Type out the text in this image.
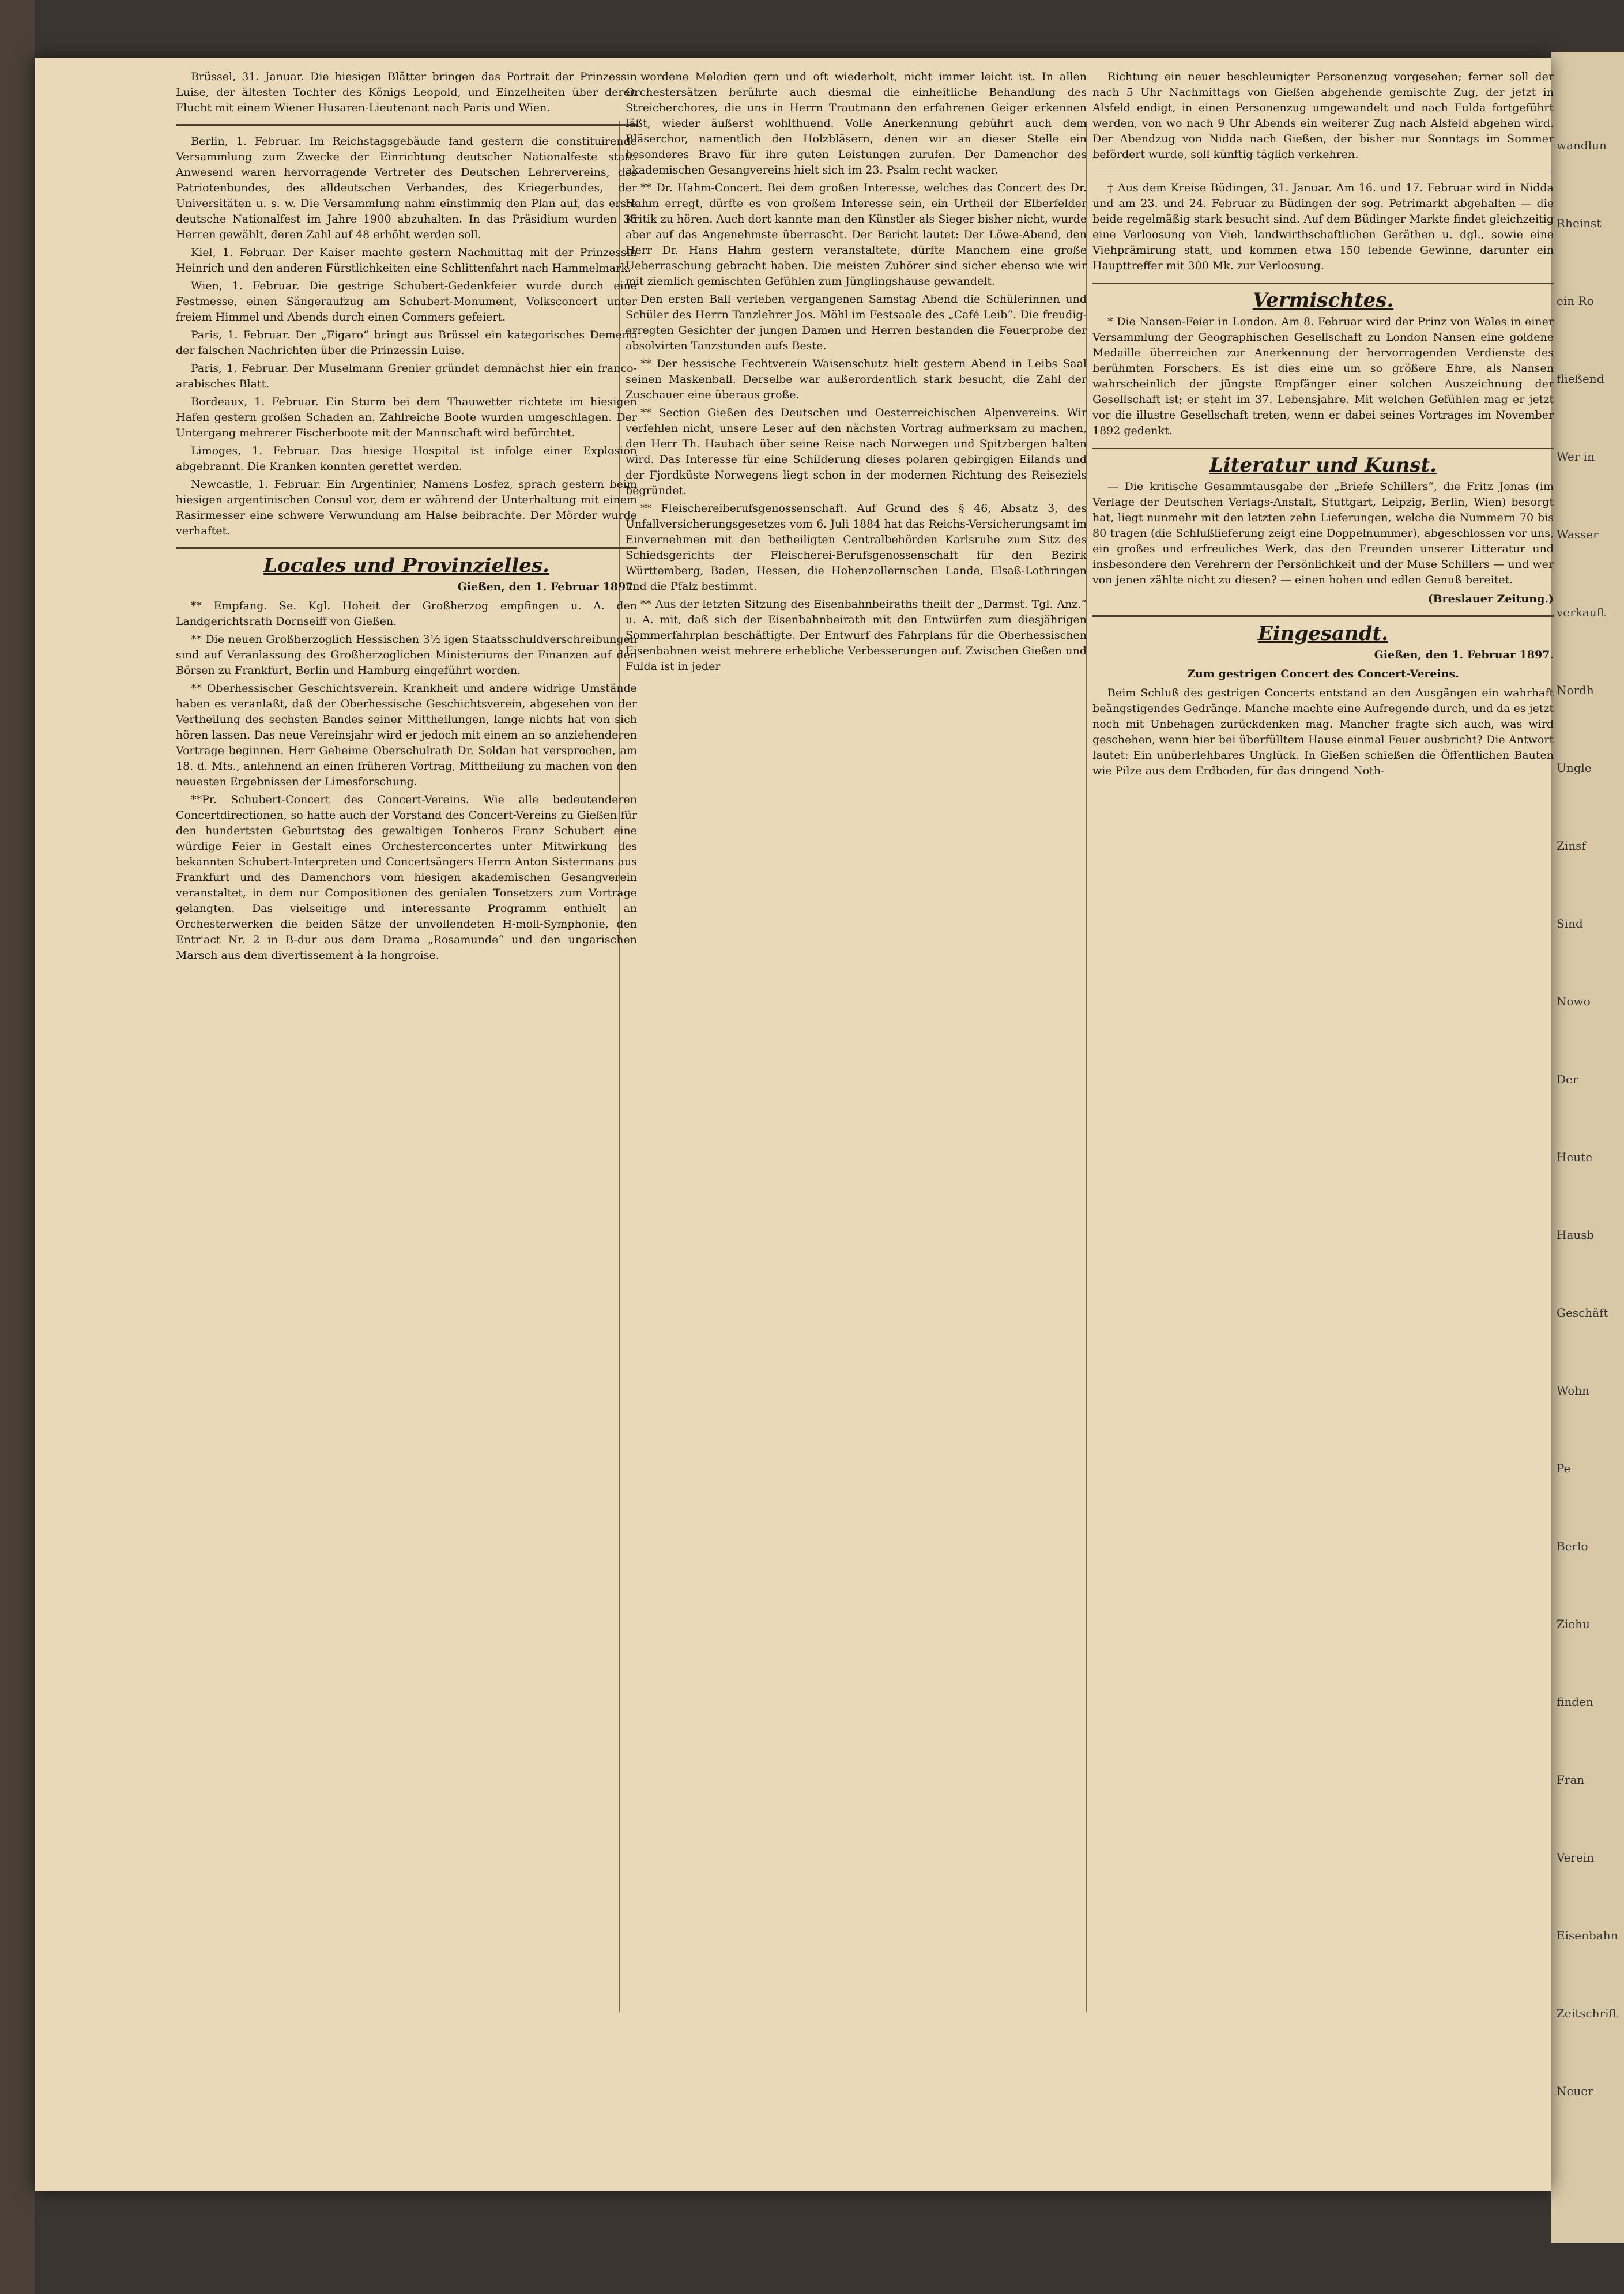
wandlun
Rheinst
ein Ro
fließend
Wer in
Wasser
verkauft
Nordh
Ungle
Zinsf
Sind
Nowo
Der
Heute
Hausb
Geschäft
Wohn
Pe
Berlo
Ziehu
finden
Fran
Verein
Eisenbahn
Zeitschrift
Neuer

Brüssel, 31. Januar. Die hiesigen Blätter bringen das Portrait der Prinzessin Luise, der ältesten Tochter des Königs Leopold, und Einzelheiten über deren Flucht mit einem Wiener Husaren-Lieutenant nach Paris und Wien.

Berlin, 1. Februar. Im Reichstagsgebäude fand gestern die constituirende Versammlung zum Zwecke der Einrichtung deutscher Nationalfeste statt. Anwesend waren hervorragende Vertreter des Deutschen Lehrervereins, des Patriotenbundes, des alldeutschen Verbandes, des Kriegerbundes, der Universitäten u. s. w. Die Versammlung nahm einstimmig den Plan auf, das erste deutsche Nationalfest im Jahre 1900 abzuhalten. In das Präsidium wurden 36 Herren gewählt, deren Zahl auf 48 erhöht werden soll.

Kiel, 1. Februar. Der Kaiser machte gestern Nachmittag mit der Prinzessin Heinrich und den anderen Fürstlichkeiten eine Schlittenfahrt nach Hammelmark.

Wien, 1. Februar. Die gestrige Schubert-Gedenkfeier wurde durch eine Festmesse, einen Sängeraufzug am Schubert-Monument, Volksconcert unter freiem Himmel und Abends durch einen Commers gefeiert.

Paris, 1. Februar. Der „Figaro“ bringt aus Brüssel ein kategorisches Dementi der falschen Nachrichten über die Prinzessin Luise.

Paris, 1. Februar. Der Muselmann Grenier gründet demnächst hier ein franco-arabisches Blatt.

Bordeaux, 1. Februar. Ein Sturm bei dem Thauwetter richtete im hiesigen Hafen gestern großen Schaden an. Zahlreiche Boote wurden umgeschlagen. Der Untergang mehrerer Fischerboote mit der Mannschaft wird befürchtet.

Limoges, 1. Februar. Das hiesige Hospital ist infolge einer Explosion abgebrannt. Die Kranken konnten gerettet werden.

Newcastle, 1. Februar. Ein Argentinier, Namens Losfez, sprach gestern beim hiesigen argentinischen Consul vor, dem er während der Unterhaltung mit einem Rasirmesser eine schwere Verwundung am Halse beibrachte. Der Mörder wurde verhaftet.

Locales und Provinzielles.
Gießen, den 1. Februar 1897.

** Empfang. Se. Kgl. Hoheit der Großherzog empfingen u. A. den Landgerichtsrath Dornseiff von Gießen.

** Die neuen Großherzoglich Hessischen 3½ igen Staatsschuldverschreibungen sind auf Veranlassung des Großherzoglichen Ministeriums der Finanzen auf den Börsen zu Frankfurt, Berlin und Hamburg eingeführt worden.

** Oberhessischer Geschichtsverein. Krankheit und andere widrige Umstände haben es veranlaßt, daß der Oberhessische Geschichtsverein, abgesehen von der Vertheilung des sechsten Bandes seiner Mittheilungen, lange nichts hat von sich hören lassen. Das neue Vereinsjahr wird er jedoch mit einem an so anziehenderen Vortrage beginnen. Herr Geheime Oberschulrath Dr. Soldan hat versprochen, am 18. d. Mts., anlehnend an einen früheren Vortrag, Mittheilung zu machen von den neuesten Ergebnissen der Limesforschung.

**Pr. Schubert-Concert des Concert-Vereins. Wie alle bedeutenderen Concertdirectionen, so hatte auch der Vorstand des Concert-Vereins zu Gießen für den hundertsten Geburtstag des gewaltigen Tonheros Franz Schubert eine würdige Feier in Gestalt eines Orchesterconcertes unter Mitwirkung des bekannten Schubert-Interpreten und Concertsängers Herrn Anton Sistermans aus Frankfurt und des Damenchors vom hiesigen akademischen Gesangverein veranstaltet, in dem nur Compositionen des genialen Tonsetzers zum Vortrage gelangten. Das vielseitige und interessante Programm enthielt an Orchesterwerken die beiden Sätze der unvollendeten H-moll-Symphonie, den Entr'act Nr. 2 in B-dur aus dem Drama „Rosamunde“ und den ungarischen Marsch aus dem divertissement à la hongroise.

wordene Melodien gern und oft wiederholt, nicht immer leicht ist. In allen Orchestersätzen berührte auch diesmal die einheitliche Behandlung des Streicherchores, die uns in Herrn Trautmann den erfahrenen Geiger erkennen läßt, wieder äußerst wohlthuend. Volle Anerkennung gebührt auch dem Bläserchor, namentlich den Holzbläsern, denen wir an dieser Stelle ein besonderes Bravo für ihre guten Leistungen zurufen. Der Damenchor des akademischen Gesangvereins hielt sich im 23. Psalm recht wacker.

** Dr. Hahm-Concert. Bei dem großen Interesse, welches das Concert des Dr. Hahm erregt, dürfte es von großem Interesse sein, ein Urtheil der Elberfelder Kritik zu hören. Auch dort kannte man den Künstler als Sieger bisher nicht, wurde aber auf das Angenehmste überrascht. Der Bericht lautet: Der Löwe-Abend, den Herr Dr. Hans Hahm gestern veranstaltete, dürfte Manchem eine große Ueberraschung gebracht haben. Die meisten Zuhörer sind sicher ebenso wie wir mit ziemlich gemischten Gefühlen zum Jünglingshause gewandelt.

Den ersten Ball verleben vergangenen Samstag Abend die Schülerinnen und Schüler des Herrn Tanzlehrer Jos. Möhl im Festsaale des „Café Leib“. Die freudig-erregten Gesichter der jungen Damen und Herren bestanden die Feuerprobe der absolvirten Tanzstunden aufs Beste.

** Der hessische Fechtverein Waisenschutz hielt gestern Abend in Leibs Saal seinen Maskenball. Derselbe war außerordentlich stark besucht, die Zahl der Zuschauer eine überaus große.

** Section Gießen des Deutschen und Oesterreichischen Alpenvereins. Wir verfehlen nicht, unsere Leser auf den nächsten Vortrag aufmerksam zu machen, den Herr Th. Haubach über seine Reise nach Norwegen und Spitzbergen halten wird. Das Interesse für eine Schilderung dieses polaren gebirgigen Eilands und der Fjordküste Norwegens liegt schon in der modernen Richtung des Reiseziels begründet.

** Fleischereiberufsgenossenschaft. Auf Grund des § 46, Absatz 3, des Unfallversicherungsgesetzes vom 6. Juli 1884 hat das Reichs-Versicherungsamt im Einvernehmen mit den betheiligten Centralbehörden Karlsruhe zum Sitz des Schiedsgerichts der Fleischerei-Berufsgenossenschaft für den Bezirk Württemberg, Baden, Hessen, die Hohenzollernschen Lande, Elsaß-Lothringen und die Pfalz bestimmt.

** Aus der letzten Sitzung des Eisenbahnbeiraths theilt der „Darmst. Tgl. Anz.“ u. A. mit, daß sich der Eisenbahnbeirath mit den Entwürfen zum diesjährigen Sommerfahrplan beschäftigte. Der Entwurf des Fahrplans für die Oberhessischen Eisenbahnen weist mehrere erhebliche Verbesserungen auf. Zwischen Gießen und Fulda ist in jeder

Richtung ein neuer beschleunigter Personenzug vorgesehen; ferner soll der nach 5 Uhr Nachmittags von Gießen abgehende gemischte Zug, der jetzt in Alsfeld endigt, in einen Personenzug umgewandelt und nach Fulda fortgeführt werden, von wo nach 9 Uhr Abends ein weiterer Zug nach Alsfeld abgehen wird. Der Abendzug von Nidda nach Gießen, der bisher nur Sonntags im Sommer befördert wurde, soll künftig täglich verkehren.

† Aus dem Kreise Büdingen, 31. Januar. Am 16. und 17. Februar wird in Nidda und am 23. und 24. Februar zu Büdingen der sog. Petrimarkt abgehalten — die beide regelmäßig stark besucht sind. Auf dem Büdinger Markte findet gleichzeitig eine Verloosung von Vieh, landwirthschaftlichen Geräthen u. dgl., sowie eine Viehprämirung statt, und kommen etwa 150 lebende Gewinne, darunter ein Haupttreffer mit 300 Mk. zur Verloosung.

Vermischtes.

* Die Nansen-Feier in London. Am 8. Februar wird der Prinz von Wales in einer Versammlung der Geographischen Gesellschaft zu London Nansen eine goldene Medaille überreichen zur Anerkennung der hervorragenden Verdienste des berühmten Forschers. Es ist dies eine um so größere Ehre, als Nansen wahrscheinlich der jüngste Empfänger einer solchen Auszeichnung der Gesellschaft ist; er steht im 37. Lebensjahre. Mit welchen Gefühlen mag er jetzt vor die illustre Gesellschaft treten, wenn er dabei seines Vortrages im November 1892 gedenkt.

Literatur und Kunst.

— Die kritische Gesammtausgabe der „Briefe Schillers“, die Fritz Jonas (im Verlage der Deutschen Verlags-Anstalt, Stuttgart, Leipzig, Berlin, Wien) besorgt hat, liegt nunmehr mit den letzten zehn Lieferungen, welche die Nummern 70 bis 80 tragen (die Schlußlieferung zeigt eine Doppelnummer), abgeschlossen vor uns, ein großes und erfreuliches Werk, das den Freunden unserer Litteratur und insbesondere den Verehrern der Persönlichkeit und der Muse Schillers — und wer von jenen zählte nicht zu diesen? — einen hohen und edlen Genuß bereitet.

(Breslauer Zeitung.)
Eingesandt.
Gießen, den 1. Februar 1897.
Zum gestrigen Concert des Concert-Vereins.

Beim Schluß des gestrigen Concerts entstand an den Ausgängen ein wahrhaft beängstigendes Gedränge. Manche machte eine Aufregende durch, und da es jetzt noch mit Unbehagen zurückdenken mag. Mancher fragte sich auch, was wird geschehen, wenn hier bei überfülltem Hause einmal Feuer ausbricht? Die Antwort lautet: Ein unüberlehbares Unglück. In Gießen schießen die Öffentlichen Bauten wie Pilze aus dem Erdboden, für das dringend Noth-
